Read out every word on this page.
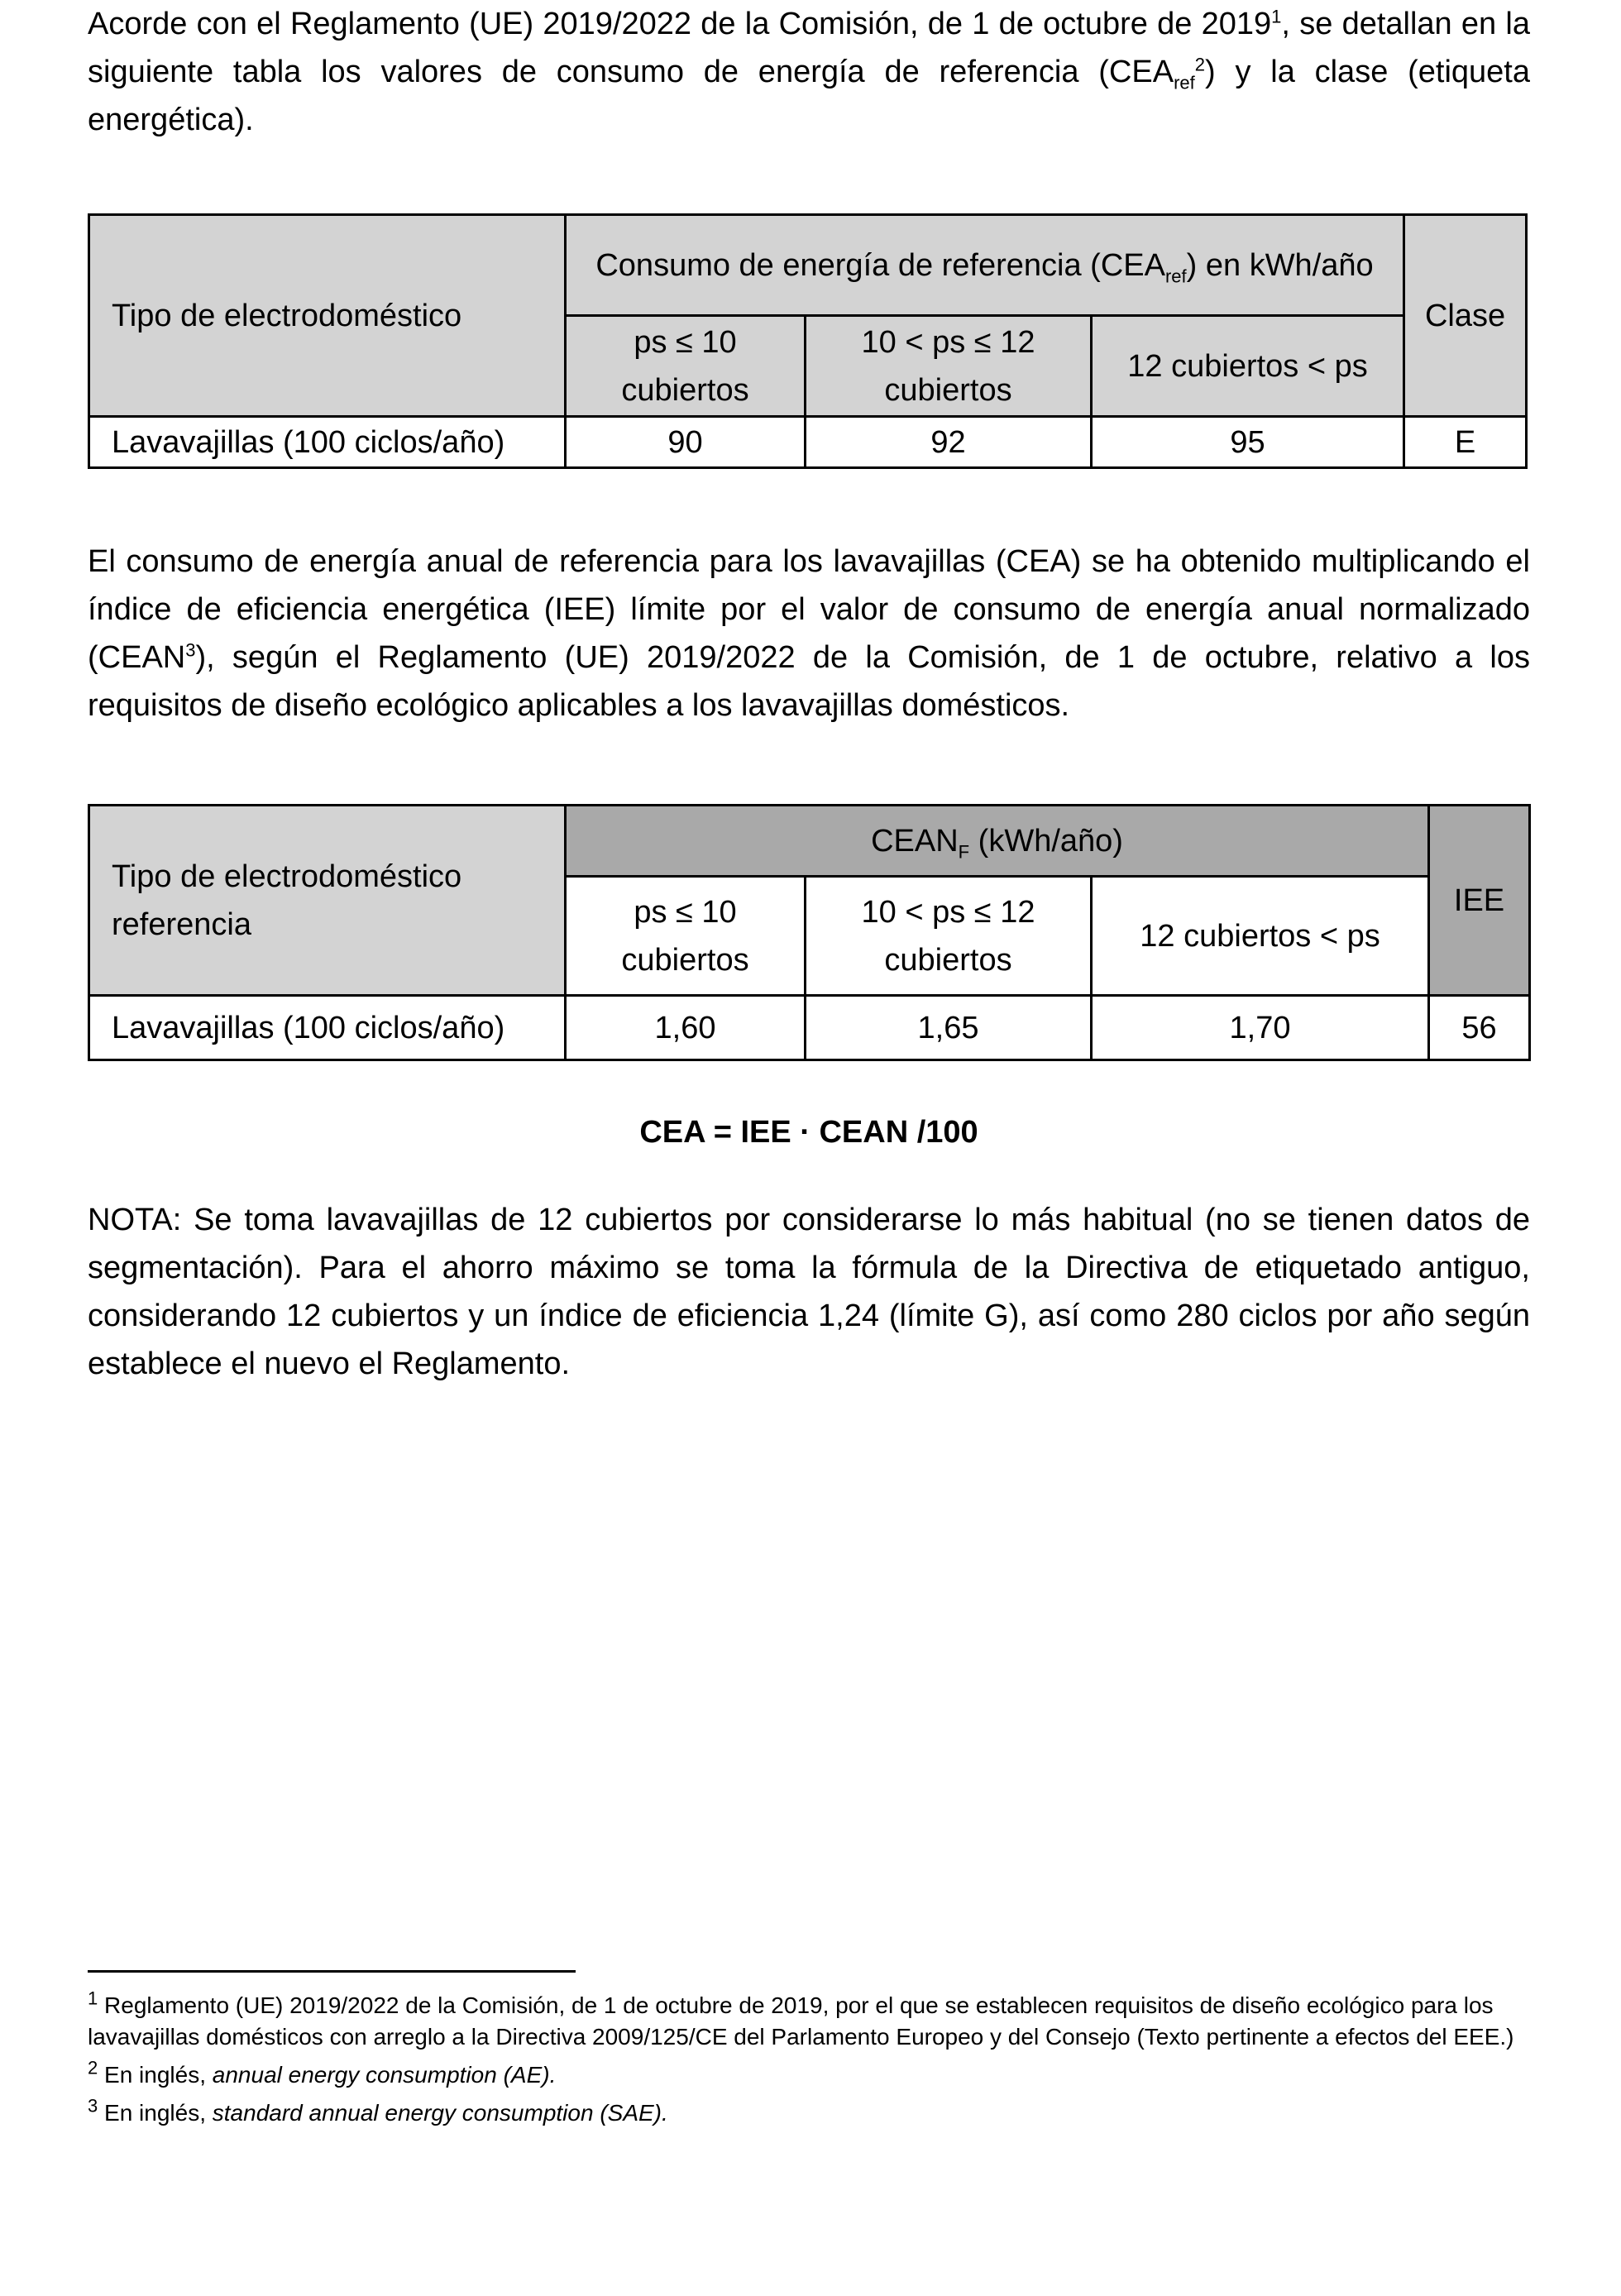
Acorde con el Reglamento (UE) 2019/2022 de la Comisión, de 1 de octubre de 2019$^1$, se detallan en la siguiente tabla los valores de consumo de energía de referencia $(CEA_{ref}^2)$ y la clase (etiqueta energética).

Tipo de electrodoméstico	Consumo de energía de referencia $(CEA_{ref})$ en kWh/año			Clase
	ps ≤ 10 cubiertos	10 < ps ≤ 12 cubiertos	12 cubiertos < ps	
Lavavajillas (100 ciclos/año)	90	92	95	E

El consumo de energía anual de referencia para los lavavajillas (CEA) se ha obtenido multiplicando el índice de eficiencia energética (IEE) límite por el valor de consumo de energía anual normalizado (CEAN$^3$), según el Reglamento (UE) 2019/2022 de la Comisión, de 1 de octubre, relativo a los requisitos de diseño ecológico aplicables a los lavavajillas domésticos.

Tipo de electrodoméstico referencia	$CEAN_F$ (kWh/año)			IEE
	ps ≤ 10 cubiertos	10 < ps ≤ 12 cubiertos	12 cubiertos < ps	
Lavavajillas (100 ciclos/año)	1,60	1,65	1,70	56
CEA = IEE · CEAN /100

NOTA: Se toma lavavajillas de 12 cubiertos por considerarse lo más habitual (no se tienen datos de segmentación). Para el ahorro máximo se toma la fórmula de la Directiva de etiquetado antiguo, considerando 12 cubiertos y un índice de eficiencia 1,24 (límite G), así como 280 ciclos por año según establece el nuevo el Reglamento.

$^1$ Reglamento (UE) 2019/2022 de la Comisión, de 1 de octubre de 2019, por el que se establecen requisitos de diseño ecológico para los lavavajillas domésticos con arreglo a la Directiva 2009/125/CE del Parlamento Europeo y del Consejo (Texto pertinente a efectos del EEE.)

$^2$ En inglés, annual energy consumption (AE).

$^3$ En inglés, standard annual energy consumption (SAE).
